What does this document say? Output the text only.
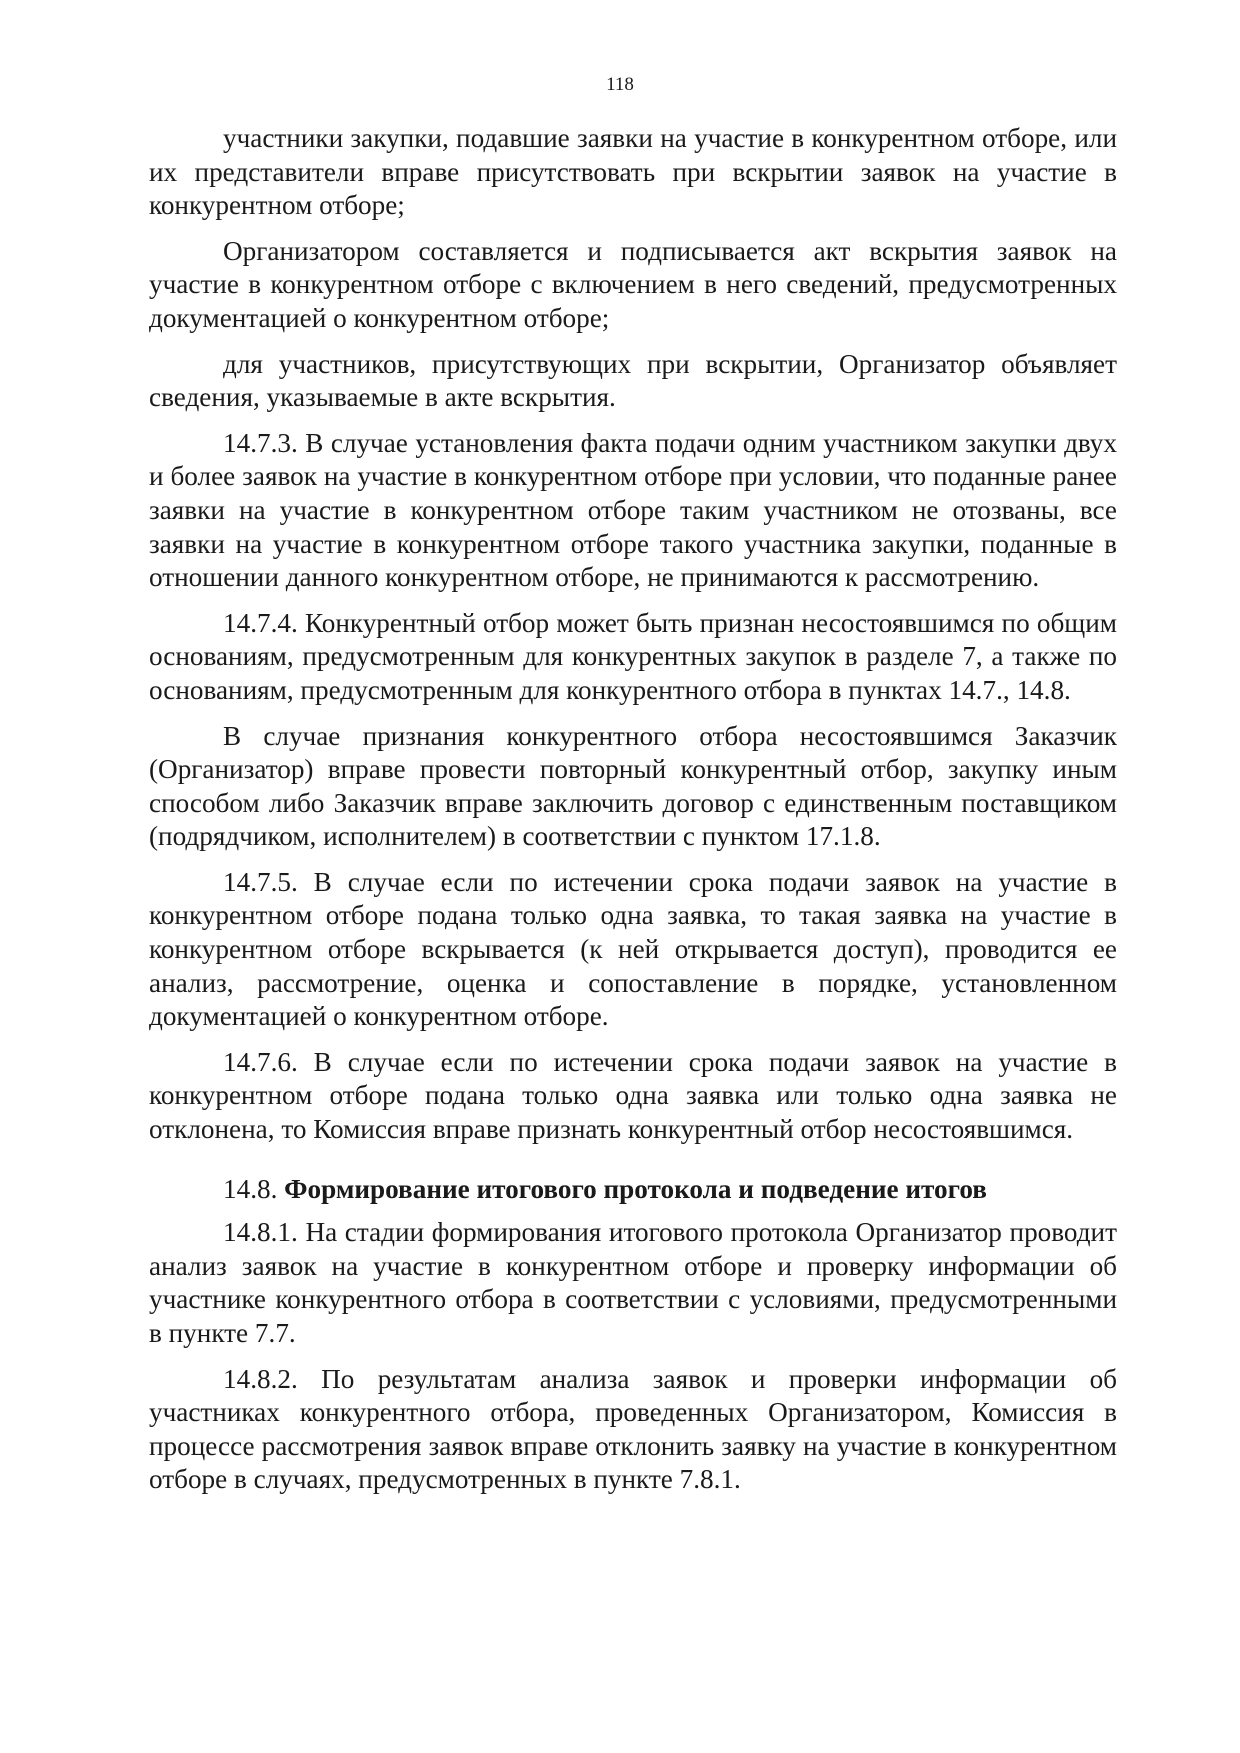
118

участники закупки, подавшие заявки на участие в конкурентном отборе, или их представители вправе присутствовать при вскрытии заявок на участие в конкурентном отборе;

Организатором составляется и подписывается акт вскрытия заявок на участие в конкурентном отборе с включением в него сведений, предусмотренных документацией о конкурентном отборе;

для участников, присутствующих при вскрытии, Организатор объявляет сведения, указываемые в акте вскрытия.

14.7.3. В случае установления факта подачи одним участником закупки двух и более заявок на участие в конкурентном отборе при условии, что поданные ранее заявки на участие в конкурентном отборе таким участником не отозваны, все заявки на участие в конкурентном отборе такого участника закупки, поданные в отношении данного конкурентном отборе, не принимаются к рассмотрению.

14.7.4. Конкурентный отбор может быть признан несостоявшимся по общим основаниям, предусмотренным для конкурентных закупок в разделе 7, а также по основаниям, предусмотренным для конкурентного отбора в пунктах 14.7., 14.8.

В случае признания конкурентного отбора несостоявшимся Заказчик (Организатор) вправе провести повторный конкурентный отбор, закупку иным способом либо Заказчик вправе заключить договор с единственным поставщиком (подрядчиком, исполнителем) в соответствии с пунктом 17.1.8.

14.7.5. В случае если по истечении срока подачи заявок на участие в конкурентном отборе подана только одна заявка, то такая заявка на участие в конкурентном отборе вскрывается (к ней открывается доступ), проводится ее анализ, рассмотрение, оценка и сопоставление в порядке, установленном документацией о конкурентном отборе.

14.7.6. В случае если по истечении срока подачи заявок на участие в конкурентном отборе подана только одна заявка или только одна заявка не отклонена, то Комиссия вправе признать конкурентный отбор несостоявшимся.

14.8. Формирование итогового протокола и подведение итогов

14.8.1. На стадии формирования итогового протокола Организатор проводит анализ заявок на участие в конкурентном отборе и проверку информации об участнике конкурентного отбора в соответствии с условиями, предусмотренными в пункте 7.7.

14.8.2. По результатам анализа заявок и проверки информации об участниках конкурентного отбора, проведенных Организатором, Комиссия в процессе рассмотрения заявок вправе отклонить заявку на участие в конкурентном отборе в случаях, предусмотренных в пункте 7.8.1.
